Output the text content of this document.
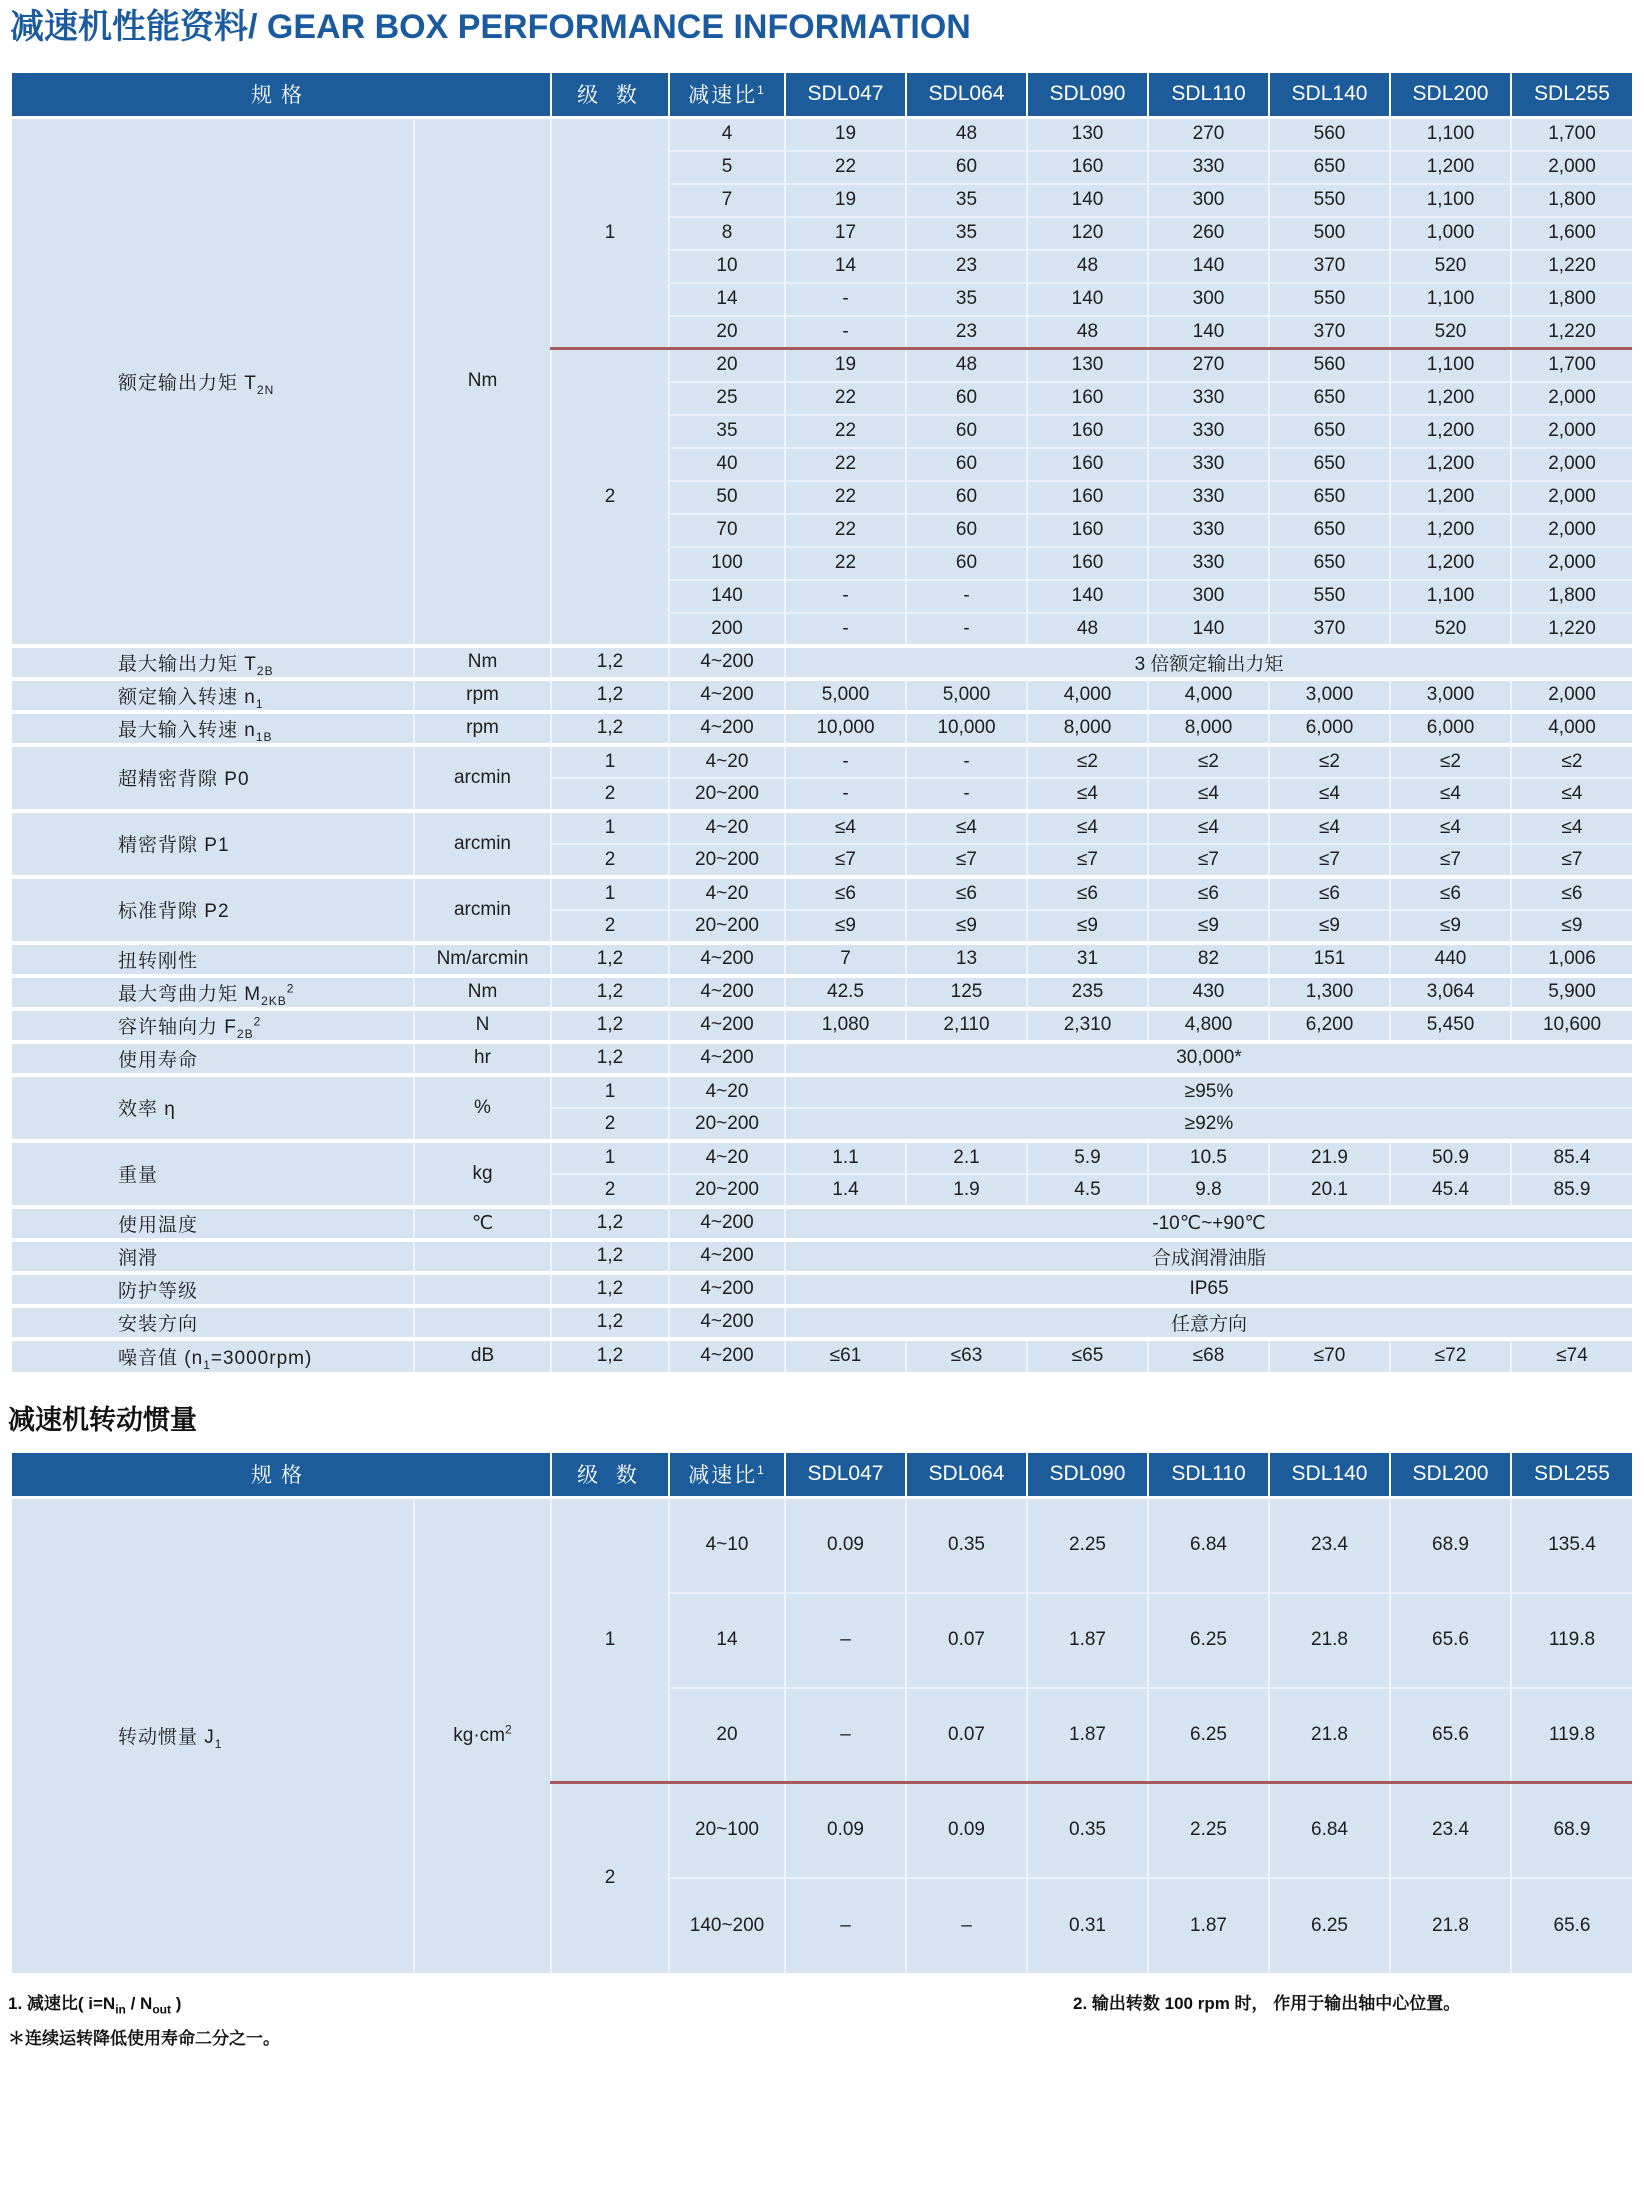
减速机性能资料/ GEAR BOX PERFORMANCE INFORMATION
规格		级 数	减速比$^1$	SDL047	SDL064	SDL090	SDL110	SDL140	SDL200	SDL255
额定输出力矩 $T_{2N}$	Nm	1	4	19	48	130	270	560	1,100	1,700
			5	22	60	160	330	650	1,200	2,000
			7	19	35	140	300	550	1,100	1,800
			8	17	35	120	260	500	1,000	1,600
			10	14	23	48	140	370	520	1,220
			14	-	35	140	300	550	1,100	1,800
			20	-	23	48	140	370	520	1,220
		2	20	19	48	130	270	560	1,100	1,700
			25	22	60	160	330	650	1,200	2,000
			35	22	60	160	330	650	1,200	2,000
			40	22	60	160	330	650	1,200	2,000
			50	22	60	160	330	650	1,200	2,000
			70	22	60	160	330	650	1,200	2,000
			100	22	60	160	330	650	1,200	2,000
			140	-	-	140	300	550	1,100	1,800
			200	-	-	48	140	370	520	1,220
最大输出力矩 $T_{2B}$	Nm	1,2	4~200	3 倍额定输出力矩						
额定输入转速 $n_1$	rpm	1,2	4~200	5,000	5,000	4,000	4,000	3,000	3,000	2,000
最大输入转速 $n_{1B}$	rpm	1,2	4~200	10,000	10,000	8,000	8,000	6,000	6,000	4,000
超精密背隙 P0	arcmin	1	4~20	-	-	≤2	≤2	≤2	≤2	≤2
		2	20~200	-	-	≤4	≤4	≤4	≤4	≤4
精密背隙 P1	arcmin	1	4~20	≤4	≤4	≤4	≤4	≤4	≤4	≤4
		2	20~200	≤7	≤7	≤7	≤7	≤7	≤7	≤7
标准背隙 P2	arcmin	1	4~20	≤6	≤6	≤6	≤6	≤6	≤6	≤6
		2	20~200	≤9	≤9	≤9	≤9	≤9	≤9	≤9
扭转刚性	Nm/arcmin	1,2	4~200	7	13	31	82	151	440	1,006
最大弯曲力矩 $M_{2KB}^2$	Nm	1,2	4~200	42.5	125	235	430	1,300	3,064	5,900
容许轴向力 $F_{2B}^2$	N	1,2	4~200	1,080	2,110	2,310	4,800	6,200	5,450	10,600
使用寿命	hr	1,2	4~200	30,000*						
效率 η	%	1	4~20	≥95%						
		2	20~200	≥92%						
重量	kg	1	4~20	1.1	2.1	5.9	10.5	21.9	50.9	85.4
		2	20~200	1.4	1.9	4.5	9.8	20.1	45.4	85.9
使用温度	℃	1,2	4~200	-10℃~+90℃						
润滑		1,2	4~200	合成润滑油脂						
防护等级		1,2	4~200	IP65						
安装方向		1,2	4~200	任意方向						
噪音值 $(n_1=3000rpm)$	dB	1,2	4~200	≤61	≤63	≤65	≤68	≤70	≤72	≤74
减速机转动惯量
规格		级 数	减速比$^1$	SDL047	SDL064	SDL090	SDL110	SDL140	SDL200	SDL255
转动惯量 $J_1$	$kg\cdot cm^2$	1	4~10	0.09	0.35	2.25	6.84	23.4	68.9	135.4
			14	–	0.07	1.87	6.25	21.8	65.6	119.8
			20	–	0.07	1.87	6.25	21.8	65.6	119.8
		2	20~100	0.09	0.09	0.35	2.25	6.84	23.4	68.9
			140~200	–	–	0.31	1.87	6.25	21.8	65.6
1. 减速比( $i=N_{in} / N_{out}$ )	2. 输出转数 100 rpm 时， 作用于输出轴中心位置。
＊连续运转降低使用寿命二分之一。
